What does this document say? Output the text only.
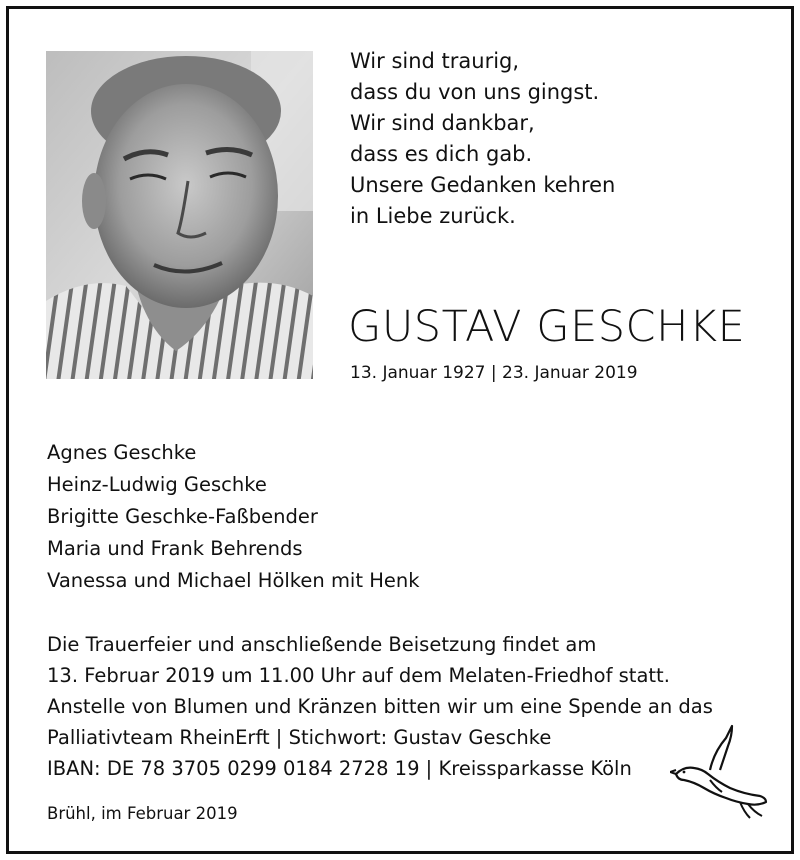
Wir sind traurig,
dass du von uns gingst.
Wir sind dankbar,
dass es dich gab.
Unsere Gedanken kehren
in Liebe zurück.
GUSTAV GESCHKE
13. Januar 1927 | 23. Januar 2019
Agnes Geschke
Heinz-Ludwig Geschke
Brigitte Geschke-Faßbender
Maria und Frank Behrends
Vanessa und Michael Hölken mit Henk
Die Trauerfeier und anschließende Beisetzung findet am
13. Februar 2019 um 11.00 Uhr auf dem Melaten-Friedhof statt.
Anstelle von Blumen und Kränzen bitten wir um eine Spende an das
Palliativteam RheinErft | Stichwort: Gustav Geschke
IBAN: DE 78 3705 0299 0184 2728 19 | Kreissparkasse Köln
Brühl, im Februar 2019
